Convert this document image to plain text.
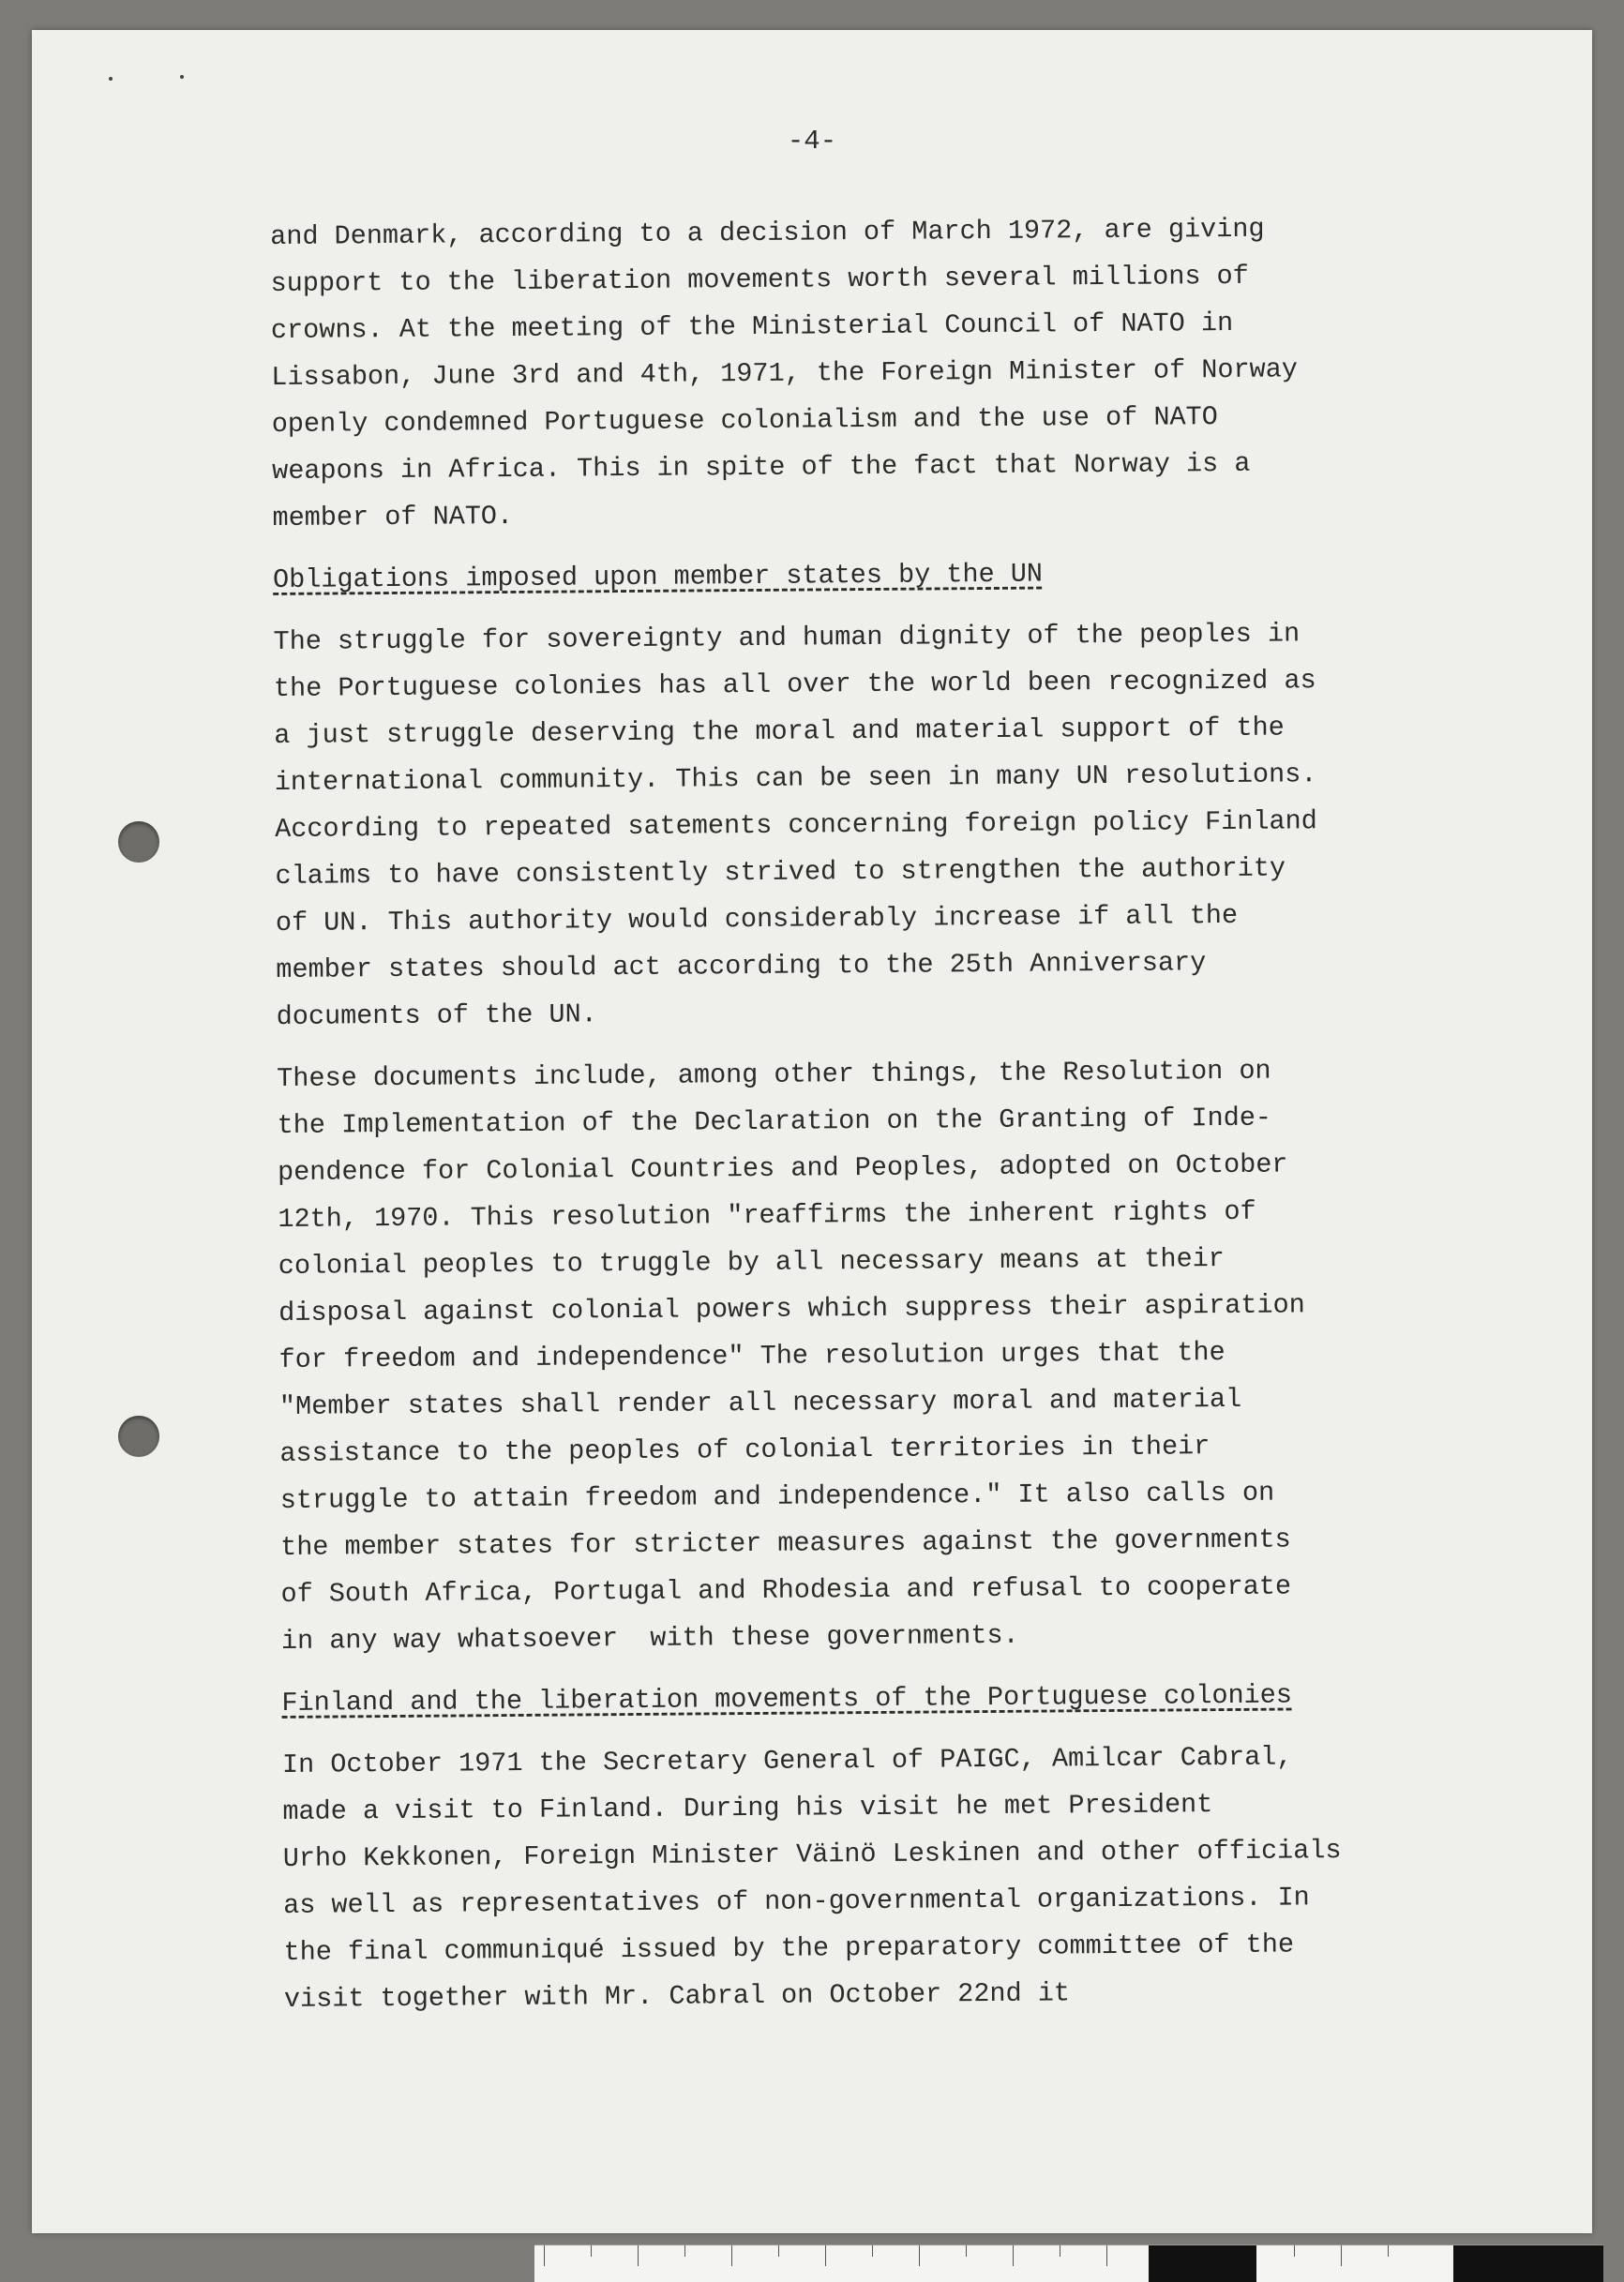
-4-
and Denmark, according to a decision of March 1972, are giving
support to the liberation movements worth several millions of
crowns. At the meeting of the Ministerial Council of NATO in
Lissabon, June 3rd and 4th, 1971, the Foreign Minister of Norway
openly condemned Portuguese colonialism and the use of NATO
weapons in Africa. This in spite of the fact that Norway is a
member of NATO.
Obligations imposed upon member states by the UN
The struggle for sovereignty and human dignity of the peoples in
the Portuguese colonies has all over the world been recognized as
a just struggle deserving the moral and material support of the
international community. This can be seen in many UN resolutions.
According to repeated satements concerning foreign policy Finland
claims to have consistently strived to strengthen the authority
of UN. This authority would considerably increase if all the
member states should act according to the 25th Anniversary
documents of the UN.
These documents include, among other things, the Resolution on
the Implementation of the Declaration on the Granting of Inde-
pendence for Colonial Countries and Peoples, adopted on October
12th, 1970. This resolution "reaffirms the inherent rights of
colonial peoples to truggle by all necessary means at their
disposal against colonial powers which suppress their aspiration
for freedom and independence" The resolution urges that the
"Member states shall render all necessary moral and material
assistance to the peoples of colonial territories in their
struggle to attain freedom and independence." It also calls on
the member states for stricter measures against the governments
of South Africa, Portugal and Rhodesia and refusal to cooperate
in any way whatsoever  with these governments.
Finland and the liberation movements of the Portuguese colonies
In October 1971 the Secretary General of PAIGC, Amilcar Cabral,
made a visit to Finland. During his visit he met President
Urho Kekkonen, Foreign Minister Väinö Leskinen and other officials
as well as representatives of non-governmental organizations. In
the final communiqué issued by the preparatory committee of the
visit together with Mr. Cabral on October 22nd it
